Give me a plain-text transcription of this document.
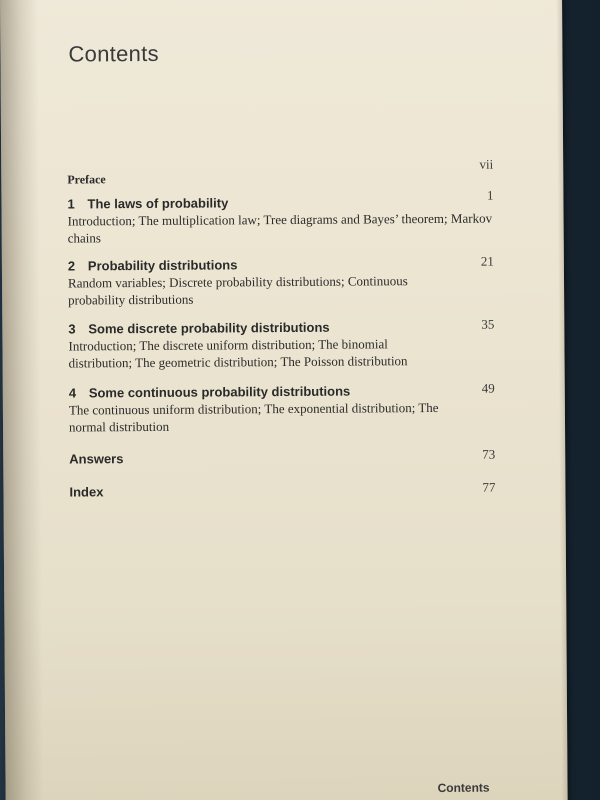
Contents
vii
Preface
1
1 The laws of probability
Introduction; The multiplication law; Tree diagrams and Bayes’ theorem; Markov chains
21
2 Probability distributions
Random variables; Discrete probability distributions; Continuous probability distributions
35
3 Some discrete probability distributions
Introduction; The discrete uniform distribution; The binomial distribution; The geometric distribution; The Poisson distribution
49
4 Some continuous probability distributions
The continuous uniform distribution; The exponential distribution; The normal distribution
73
Answers
77
Index
Contents
